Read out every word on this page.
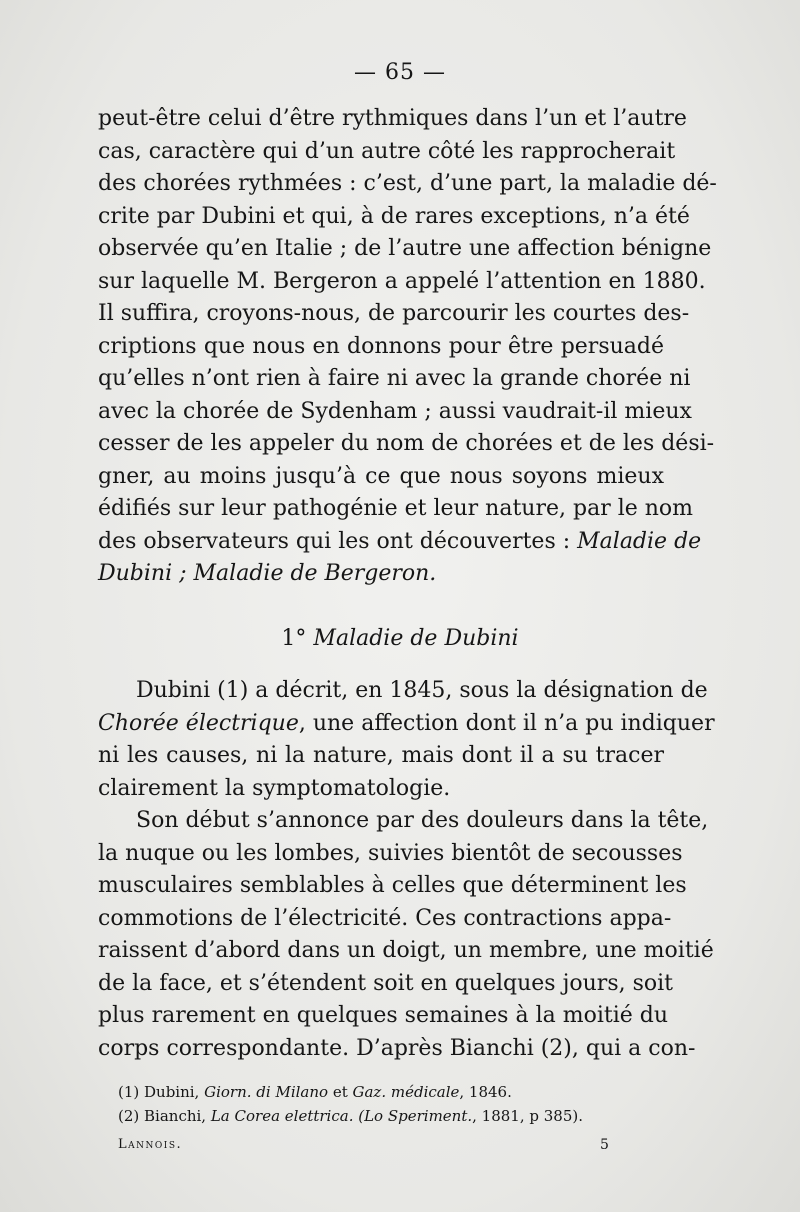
— 65 —
peut-être celui d’être rythmiques dans l’un et l’autre
cas, caractère qui d’un autre côté les rapprocherait
des chorées rythmées : c’est, d’une part, la maladie dé-
crite par Dubini et qui, à de rares exceptions, n’a été
observée qu’en Italie ; de l’autre une affection bénigne
sur laquelle M. Bergeron a appelé l’attention en 1880.
Il suffira, croyons-nous, de parcourir les courtes des-
criptions que nous en donnons pour être persuadé
qu’elles n’ont rien à faire ni avec la grande chorée ni
avec la chorée de Sydenham ; aussi vaudrait-il mieux
cesser de les appeler du nom de chorées et de les dési-
gner, au moins jusqu’à ce que nous soyons mieux
édifiés sur leur pathogénie et leur nature, par le nom
des observateurs qui les ont découvertes : Maladie de
Dubini ; Maladie de Bergeron.
1° Maladie de Dubini
Dubini (1) a décrit, en 1845, sous la désignation de
Chorée électrique, une affection dont il n’a pu indiquer
ni les causes, ni la nature, mais dont il a su tracer
clairement la symptomatologie.
Son début s’annonce par des douleurs dans la tête,
la nuque ou les lombes, suivies bientôt de secousses
musculaires semblables à celles que déterminent les
commotions de l’électricité. Ces contractions appa-
raissent d’abord dans un doigt, un membre, une moitié
de la face, et s’étendent soit en quelques jours, soit
plus rarement en quelques semaines à la moitié du
corps correspondante. D’après Bianchi (2), qui a con-
(1) Dubini, Giorn. di Milano et Gaz. médicale, 1846.
(2) Bianchi, La Corea elettrica. (Lo Speriment., 1881, p 385).
Lannois.	5
